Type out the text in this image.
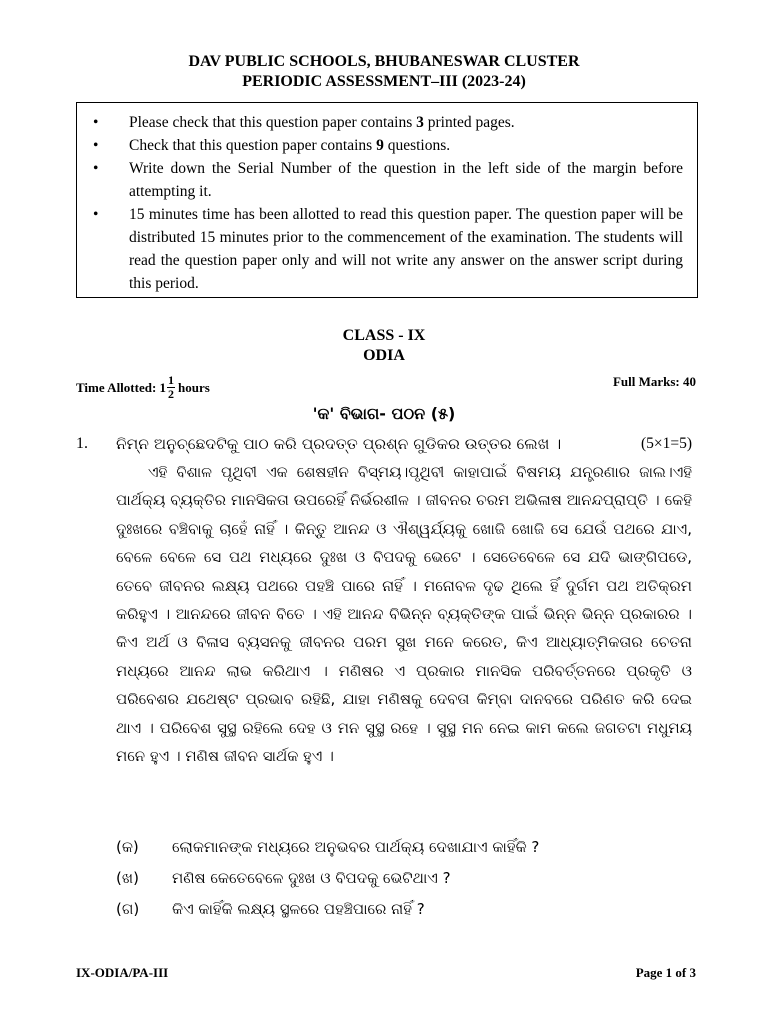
DAV PUBLIC SCHOOLS, BHUBANESWAR CLUSTER
PERIODIC ASSESSMENT–III (2023-24)
• Please check that this question paper contains 3 printed pages.
• Check that this question paper contains 9 questions.
• Write down the Serial Number of the question in the left side of the margin before attempting it.
• 15 minutes time has been allotted to read this question paper. The question paper will be distributed 15 minutes prior to the commencement of the examination. The students will read the question paper only and will not write any answer on the answer script during this period.
CLASS - IX
ODIA
Time Allotted: $1 \frac{1}{2}$ hours	Full Marks: 40
'କ' ବିଭାଗ- ପଠନ (୫)
1. ନିମ୍ନ ଅନୁଚ୍ଛେଦଟିକୁ ପାଠ କରି ପ୍ରଦତ୍ତ ପ୍ରଶ୍ନ ଗୁଡିକର ଉତ୍ତର ଲେଖ ।	(5×1=5)
ଏହି ବିଶାଳ ପୃଥିବୀ ଏକ ଶେଷହୀନ ବିସ୍ମୟ।ପୃଥିବୀ କାହାପାଇଁ ବିଷମୟ ଯନ୍ତ୍ରଣାର ଜାଲ।ଏହି ପାର୍ଥକ୍ୟ ବ୍ୟକ୍ତିର ମାନସିକତା ଉପରେହିଁ ନିର୍ଭରଶୀଳ । ଜୀବନର ଚରମ ଅଭିଳାଷ ଆନନ୍ଦପ୍ରାପ୍ତି । କେହି ଦୁଃଖରେ ବଞ୍ଚିବାକୁ ଚାହେଁ ନାହିଁ । କିନ୍ତୁ ଆନନ୍ଦ ଓ ଐଶ୍ୱର୍ଯ୍ୟକୁ ଖୋଜି ଖୋଜି ସେ ଯେଉଁ ପଥରେ ଯାଏ, ବେଳେ ବେଳେ ସେ ପଥ ମଧ୍ୟରେ ଦୁଃଖ ଓ ବିପଦକୁ ଭେଟେ । ସେତେବେଳେ ସେ ଯଦି ଭାଙ୍ଗିପଡେ, ତେବେ ଜୀବନର ଲକ୍ଷ୍ୟ ପଥରେ ପହଞ୍ଚି ପାରେ ନାହିଁ । ମନୋବଳ ଦୃଢ ଥିଲେ ହିଁ ଦୁର୍ଗମ ପଥ ଅତିକ୍ରମ କରିହୁଏ । ଆନନ୍ଦରେ ଜୀବନ ବିତେ । ଏହି ଆନନ୍ଦ ବିଭିନ୍ନ ବ୍ୟକ୍ତିଙ୍କ ପାଇଁ ଭିନ୍ନ ଭିନ୍ନ ପ୍ରକାରର । କିଏ ଅର୍ଥ ଓ ବିଳାସ ବ୍ୟସନକୁ ଜୀବନର ପରମ ସୁଖ ମନେ କରେତ, କିଏ ଆଧ୍ୟାତ୍ମିକତାର ଚେତନା ମଧ୍ୟରେ ଆନନ୍ଦ ଲାଭ କରିଥାଏ । ମଣିଷର ଏ ପ୍ରକାର ମାନସିକ ପରିବର୍ତ୍ତନରେ ପ୍ରକୃତି ଓ ପରିବେଶର ଯଥେଷ୍ଟ ପ୍ରଭାବ ରହିଛି, ଯାହା ମଣିଷକୁ ଦେବତା କିମ୍ବା ଦାନବରେ ପରିଣତ କରି ଦେଇ ଥାଏ । ପରିବେଶ ସୁସ୍ଥ ରହିଲେ ଦେହ ଓ ମନ ସୁସ୍ଥ ରହେ । ସୁସ୍ଥ ମନ ନେଇ କାମ କଲେ ଜଗତଟା ମଧୁମୟ ମନେ ହୁଏ । ମଣିଷ ଜୀବନ ସାର୍ଥକ ହୁଏ ।
(କ) ଲୋକମାନଙ୍କ ମଧ୍ୟରେ ଅନୁଭବର ପାର୍ଥକ୍ୟ ଦେଖାଯାଏ କାହିଁକି ?
(ଖ) ମଣିଷ କେତେବେଳେ ଦୁଃଖ ଓ ବିପଦକୁ ଭେଟିଥାଏ ?
(ଗ) କିଏ କାହିଁକି ଲକ୍ଷ୍ୟ ସ୍ଥଳରେ ପହଞ୍ଚିପାରେ ନାହିଁ ?
IX-ODIA/PA-III	Page 1 of 3
